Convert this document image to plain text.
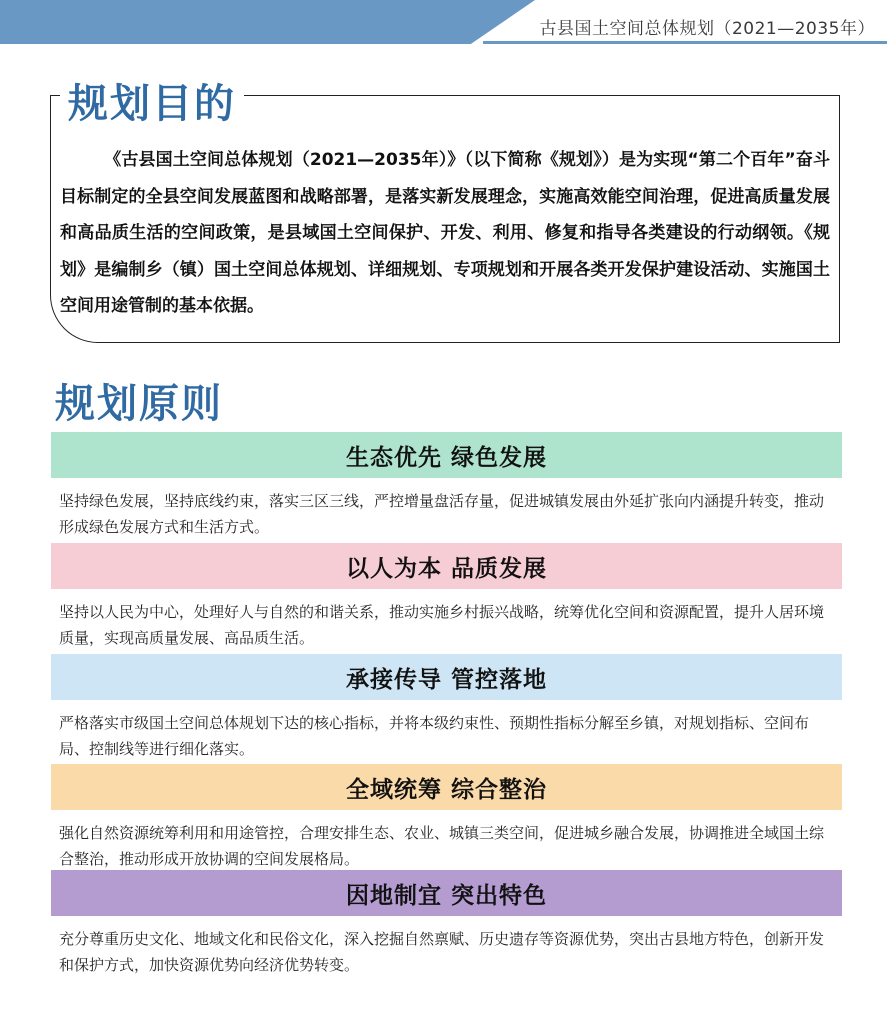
古县国土空间总体规划（2021—2035年）
规划目的
《古县国土空间总体规划（2021—2035年）》（以下简称《规划》）是为实现“第二个百年”奋斗目标制定的全县空间发展蓝图和战略部署，是落实新发展理念，实施高效能空间治理，促进高质量发展和高品质生活的空间政策，是县域国土空间保护、开发、利用、修复和指导各类建设的行动纲领。《规划》是编制乡（镇）国土空间总体规划、详细规划、专项规划和开展各类开发保护建设活动、实施国土空间用途管制的基本依据。
规划原则
生态优先 绿色发展
坚持绿色发展，坚持底线约束，落实三区三线，严控增量盘活存量，促进城镇发展由外延扩张向内涵提升转变，推动形成绿色发展方式和生活方式。
以人为本 品质发展
坚持以人民为中心，处理好人与自然的和谐关系，推动实施乡村振兴战略，统筹优化空间和资源配置，提升人居环境质量，实现高质量发展、高品质生活。
承接传导 管控落地
严格落实市级国土空间总体规划下达的核心指标，并将本级约束性、预期性指标分解至乡镇，对规划指标、空间布局、控制线等进行细化落实。
全域统筹 综合整治
强化自然资源统筹利用和用途管控，合理安排生态、农业、城镇三类空间，促进城乡融合发展，协调推进全域国土综合整治，推动形成开放协调的空间发展格局。
因地制宜 突出特色
充分尊重历史文化、地域文化和民俗文化，深入挖掘自然禀赋、历史遗存等资源优势，突出古县地方特色，创新开发和保护方式，加快资源优势向经济优势转变。
